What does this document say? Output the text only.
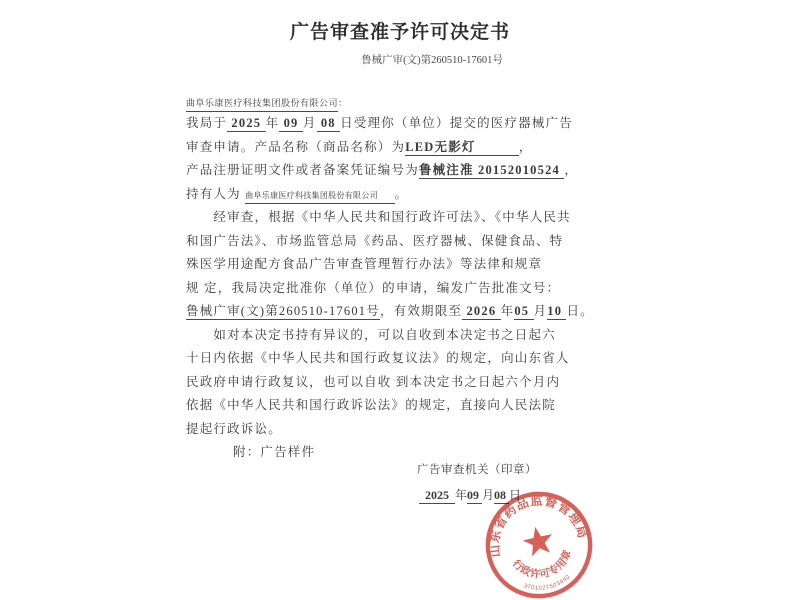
广告审查准予许可决定书
鲁械广审(文)第260510-17601号
曲阜乐康医疗科技集团股份有限公司：
我局于 2025 年 09 月 08 日受理你（单位）提交的医疗器械广告
审查申请。产品名称（商品名称）为LED无影灯          ，
产品注册证明文件或者备案凭证编号为鲁械注准 20152010524 ，
持有人为 曲阜乐康医疗科技集团股份有限公司　　。
　　经审查，根据《中华人民共和国行政许可法》、《中华人民共
和国广告法》、市场监管总局《药品、医疗器械、保健食品、特
殊医学用途配方食品广告审查管理暂行办法》等法律和规章
规 定，我局决定批准你（单位）的申请，编发广告批准文号：
鲁械广审(文)第260510-17601号，有效期限至 2026 年05 月10 日。
　　如对本决定书持有异议的，可以自收到本决定书之日起六
十日内依据《中华人民共和国行政复议法》的规定，向山东省人
民政府申请行政复议，也可以自收 到本决定书之日起六个月内
依据《中华人民共和国行政诉讼法》的规定，直接向人民法院
提起行政诉讼。
附：广告样件
广告审查机关（印章）
2025  年09 月08 日
山东省药品监督管理局
行政许可专用章
3701027503440
